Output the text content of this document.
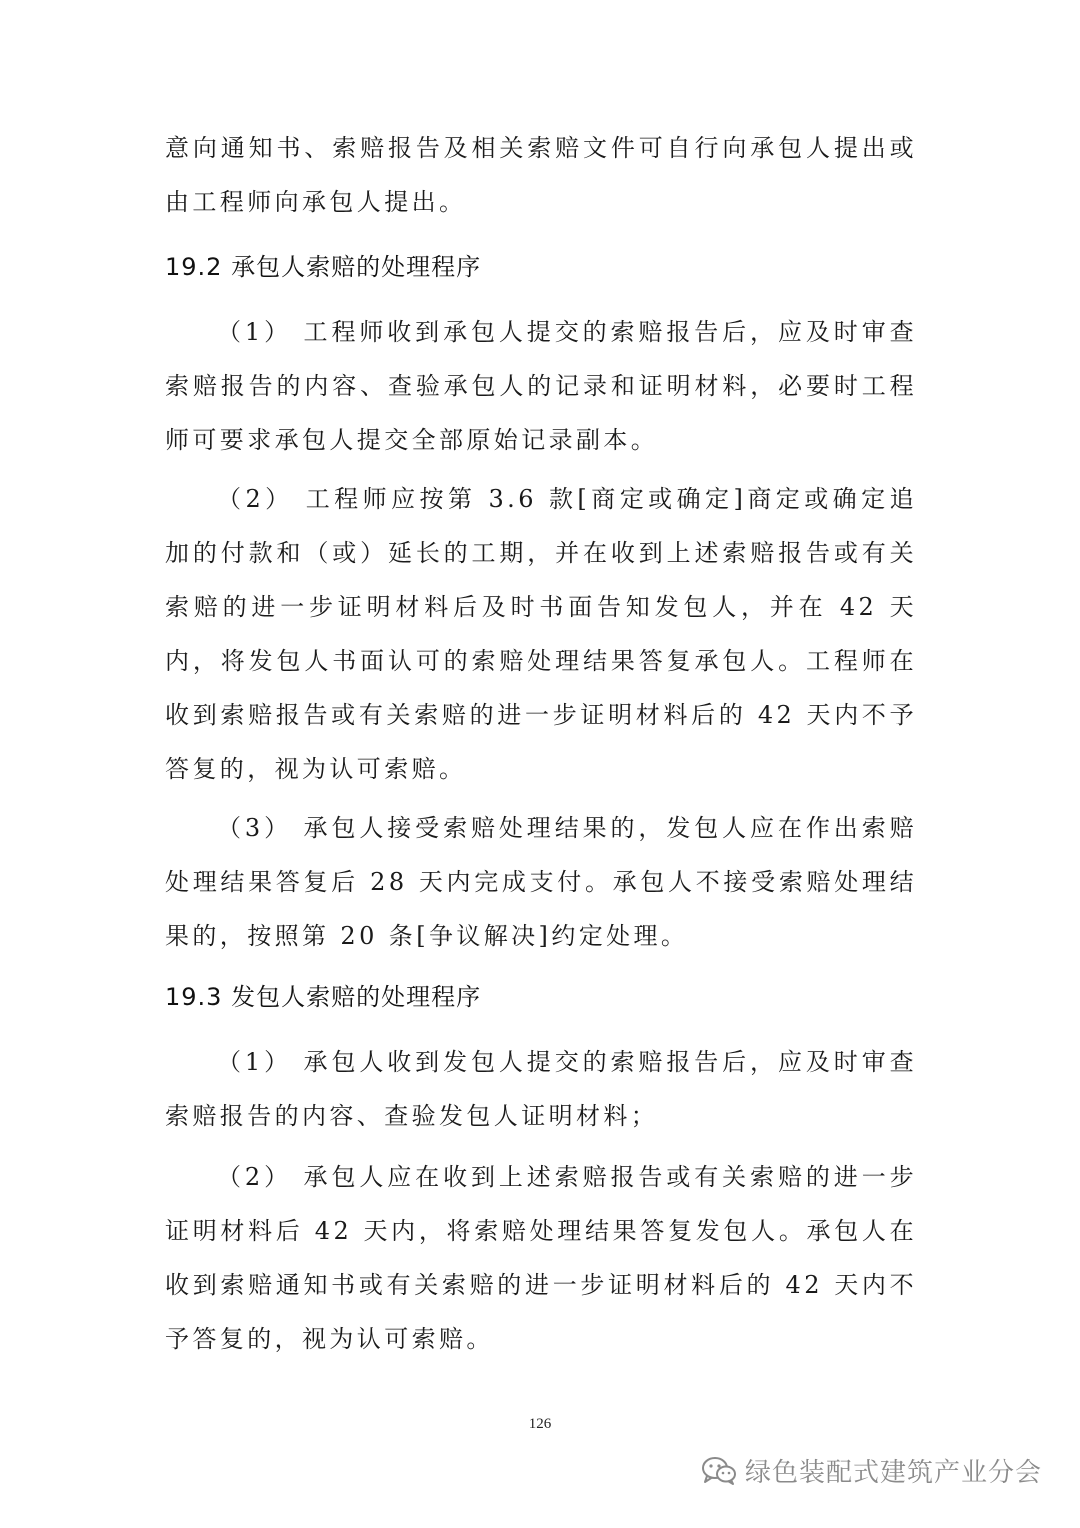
意向通知书、索赔报告及相关索赔文件可自行向承包人提出或由工程师向承包人提出。

19.2 承包人索赔的处理程序

（1） 工程师收到承包人提交的索赔报告后，应及时审查索赔报告的内容、查验承包人的记录和证明材料，必要时工程师可要求承包人提交全部原始记录副本。

（2） 工程师应按第 3.6 款[商定或确定]商定或确定追加的付款和（或）延长的工期，并在收到上述索赔报告或有关索赔的进一步证明材料后及时书面告知发包人，并在 42 天内，将发包人书面认可的索赔处理结果答复承包人。工程师在收到索赔报告或有关索赔的进一步证明材料后的 42 天内不予答复的，视为认可索赔。

（3） 承包人接受索赔处理结果的，发包人应在作出索赔处理结果答复后 28 天内完成支付。承包人不接受索赔处理结果的，按照第 20 条[争议解决]约定处理。

19.3 发包人索赔的处理程序

（1） 承包人收到发包人提交的索赔报告后，应及时审查索赔报告的内容、查验发包人证明材料；

（2） 承包人应在收到上述索赔报告或有关索赔的进一步证明材料后 42 天内，将索赔处理结果答复发包人。承包人在收到索赔通知书或有关索赔的进一步证明材料后的 42 天内不予答复的，视为认可索赔。

126
绿色装配式建筑产业分会
